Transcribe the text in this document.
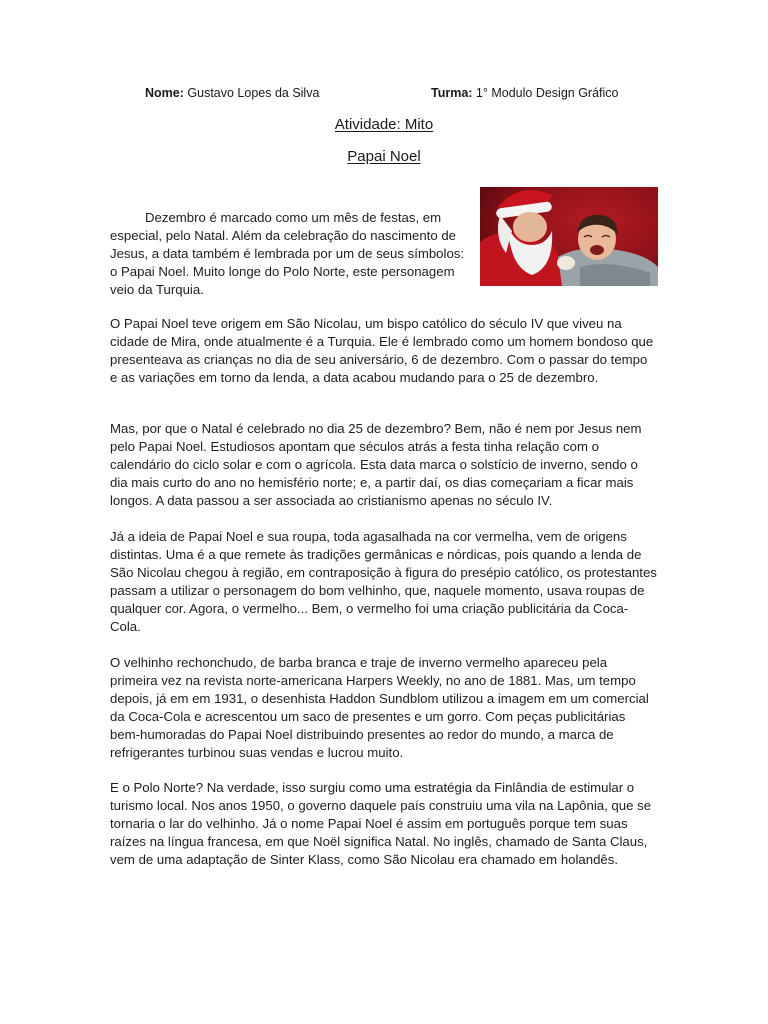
Nome: Gustavo Lopes da Silva	Turma: 1° Modulo Design Gráfico
Atividade: Mito
Papai Noel

Dezembro é marcado como um mês de festas, em especial, pelo Natal. Além da celebração do nascimento de Jesus, a data também é lembrada por um de seus símbolos: o Papai Noel. Muito longe do Polo Norte, este personagem veio da Turquia.

O Papai Noel teve origem em São Nicolau, um bispo católico do século IV que viveu na cidade de Mira, onde atualmente é a Turquia. Ele é lembrado como um homem bondoso que presenteava as crianças no dia de seu aniversário, 6 de dezembro. Com o passar do tempo e as variações em torno da lenda, a data acabou mudando para o 25 de dezembro.

Mas, por que o Natal é celebrado no dia 25 de dezembro? Bem, não é nem por Jesus nem pelo Papai Noel. Estudiosos apontam que séculos atrás a festa tinha relação com o calendário do ciclo solar e com o agrícola. Esta data marca o solstício de inverno, sendo o dia mais curto do ano no hemisfério norte; e, a partir daí, os dias começariam a ficar mais longos. A data passou a ser associada ao cristianismo apenas no século IV.

Já a ideia de Papai Noel e sua roupa, toda agasalhada na cor vermelha, vem de origens distintas. Uma é a que remete às tradições germânicas e nórdicas, pois quando a lenda de São Nicolau chegou à região, em contraposição à figura do presépio católico, os protestantes passam a utilizar o personagem do bom velhinho, que, naquele momento, usava roupas de qualquer cor. Agora, o vermelho... Bem, o vermelho foi uma criação publicitária da Coca-Cola.

O velhinho rechonchudo, de barba branca e traje de inverno vermelho apareceu pela primeira vez na revista norte-americana Harpers Weekly, no ano de 1881. Mas, um tempo depois, já em em 1931, o desenhista Haddon Sundblom utilizou a imagem em um comercial da Coca-Cola e acrescentou um saco de presentes e um gorro. Com peças publicitárias bem-humoradas do Papai Noel distribuindo presentes ao redor do mundo, a marca de refrigerantes turbinou suas vendas e lucrou muito.

E o Polo Norte? Na verdade, isso surgiu como uma estratégia da Finlândia de estimular o turismo local. Nos anos 1950, o governo daquele país construiu uma vila na Lapônia, que se tornaria o lar do velhinho. Já o nome Papai Noel é assim em português porque tem suas raízes na língua francesa, em que Noël significa Natal. No inglês, chamado de Santa Claus, vem de uma adaptação de Sinter Klass, como São Nicolau era chamado em holandês.
